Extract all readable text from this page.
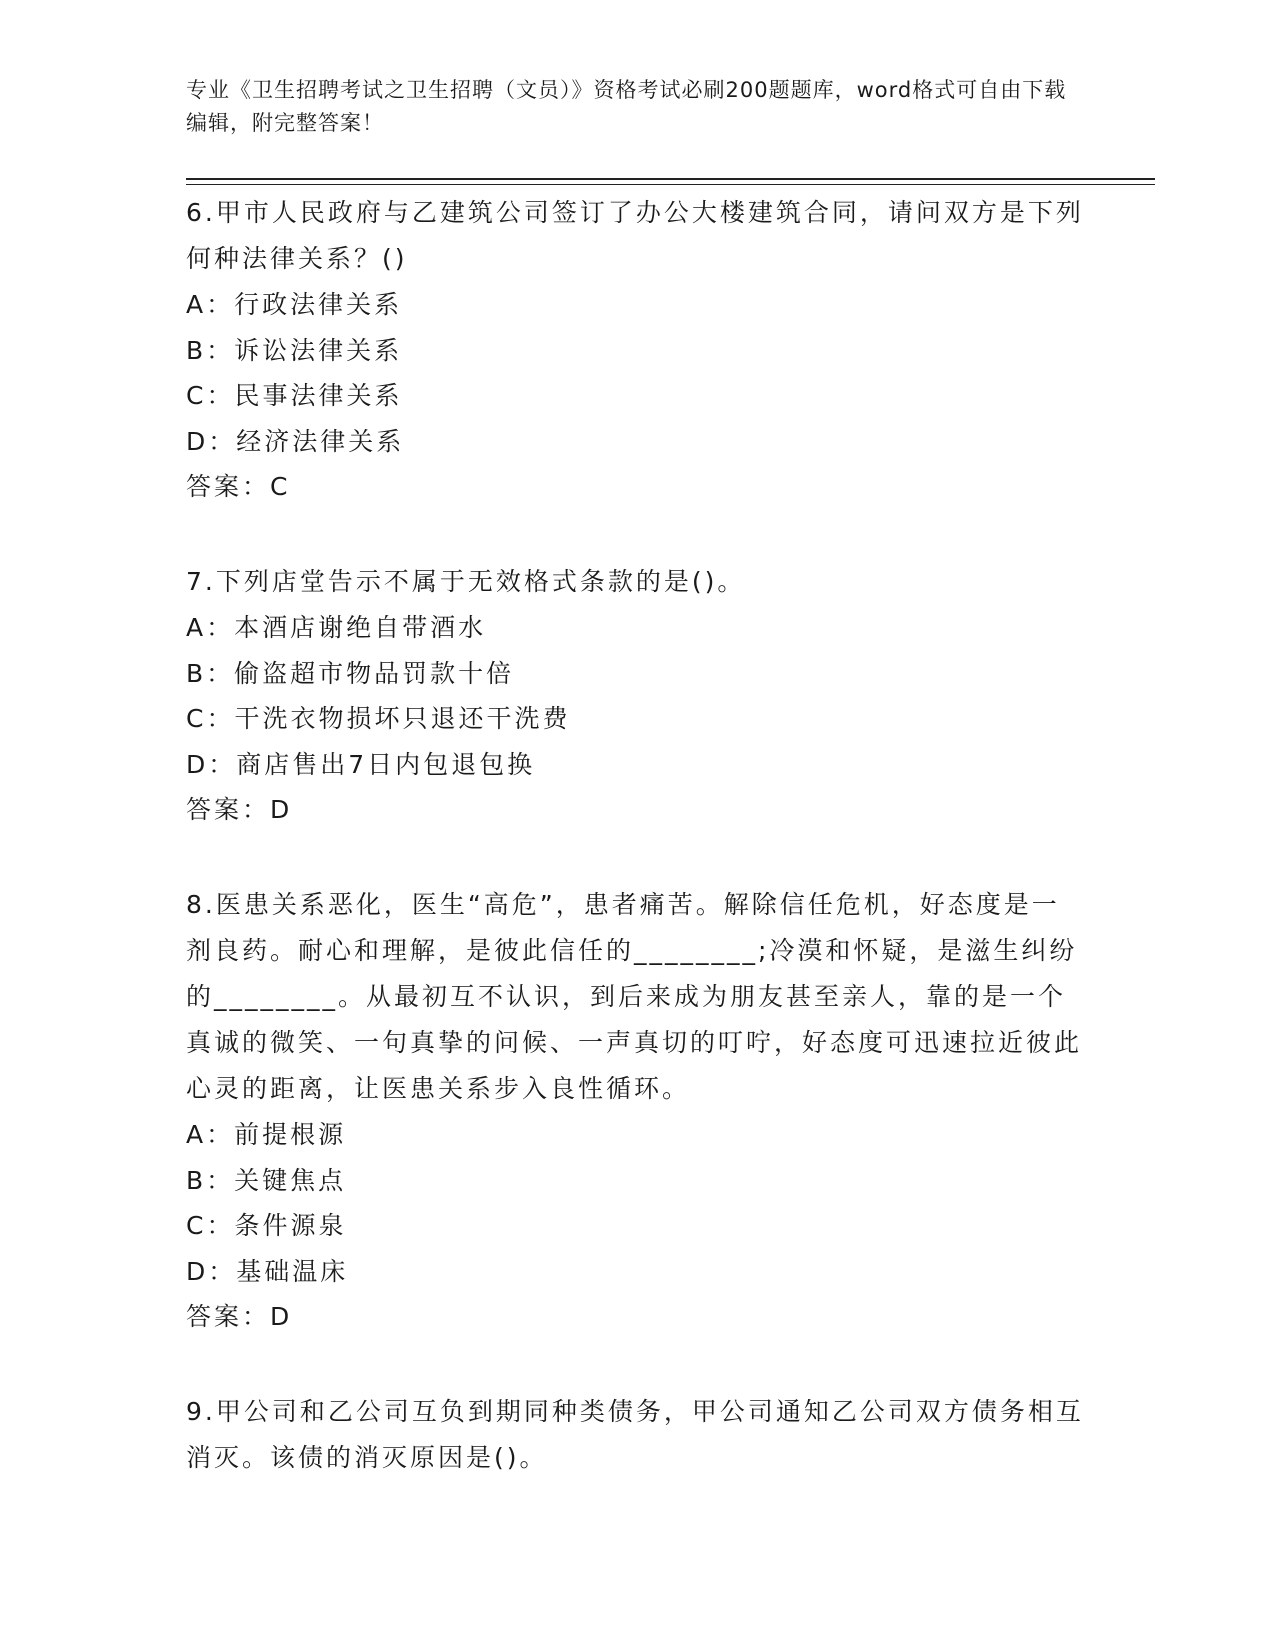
专业《卫生招聘考试之卫生招聘（文员）》资格考试必刷200题题库，word格式可自由下载编辑，附完整答案！

6.甲市人民政府与乙建筑公司签订了办公大楼建筑合同，请问双方是下列何种法律关系？()

A：行政法律关系
B：诉讼法律关系
C：民事法律关系
D：经济法律关系
答案：C

7.下列店堂告示不属于无效格式条款的是()。

A：本酒店谢绝自带酒水
B：偷盗超市物品罚款十倍
C：干洗衣物损坏只退还干洗费
D：商店售出7日内包退包换
答案：D

8.医患关系恶化，医生“高危”，患者痛苦。解除信任危机，好态度是一剂良药。耐心和理解，是彼此信任的________;冷漠和怀疑，是滋生纠纷的________。从最初互不认识，到后来成为朋友甚至亲人，靠的是一个真诚的微笑、一句真挚的问候、一声真切的叮咛，好态度可迅速拉近彼此心灵的距离，让医患关系步入良性循环。

A：前提根源
B：关键焦点
C：条件源泉
D：基础温床
答案：D

9.甲公司和乙公司互负到期同种类债务，甲公司通知乙公司双方债务相互消灭。该债的消灭原因是()。
